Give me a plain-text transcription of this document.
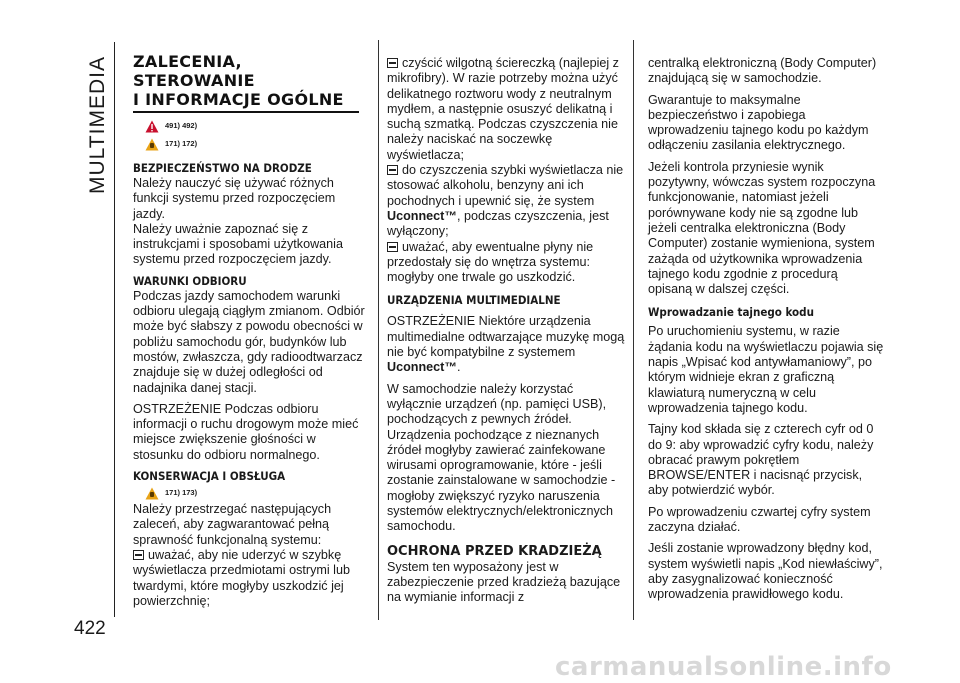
MULTIMEDIA
422
ZALECENIA, STEROWANIE
I INFORMACJE OGÓLNE
491) 492)
171) 172)
BEZPIECZEŃSTWO NA DRODZE

Należy nauczyć się używać różnych funkcji systemu przed rozpoczęciem jazdy.

Należy uważnie zapoznać się z instrukcjami i sposobami użytkowania systemu przed rozpoczęciem jazdy.

WARUNKI ODBIORU

Podczas jazdy samochodem warunki odbioru ulegają ciągłym zmianom. Odbiór może być słabszy z powodu obecności w pobliżu samochodu gór, budynków lub mostów, zwłaszcza, gdy radioodtwarzacz znajduje się w dużej odległości od nadajnika danej stacji.

OSTRZEŻENIE Podczas odbioru informacji o ruchu drogowym może mieć miejsce zwiększenie głośności w stosunku do odbioru normalnego.

KONSERWACJA I OBSŁUGA
171) 173)

Należy przestrzegać następujących zaleceń, aby zagwarantować pełną sprawność funkcjonalną systemu:

uważać, aby nie uderzyć w szybkę wyświetlacza przedmiotami ostrymi lub twardymi, które mogłyby uszkodzić jej powierzchnię;

czyścić wilgotną ściereczką (najlepiej z mikrofibry). W razie potrzeby można użyć delikatnego roztworu wody z neutralnym mydłem, a następnie osuszyć delikatną i suchą szmatką. Podczas czyszczenia nie należy naciskać na soczewkę wyświetlacza;

do czyszczenia szybki wyświetlacza nie stosować alkoholu, benzyny ani ich pochodnych i upewnić się, że system Uconnect™, podczas czyszczenia, jest wyłączony;

uważać, aby ewentualne płyny nie przedostały się do wnętrza systemu: mogłyby one trwale go uszkodzić.

URZĄDZENIA MULTIMEDIALNE

OSTRZEŻENIE Niektóre urządzenia multimedialne odtwarzające muzykę mogą nie być kompatybilne z systemem Uconnect™.

W samochodzie należy korzystać wyłącznie urządzeń (np. pamięci USB), pochodzących z pewnych źródeł. Urządzenia pochodzące z nieznanych źródeł mogłyby zawierać zainfekowane wirusami oprogramowanie, które - jeśli zostanie zainstalowane w samochodzie - mogłoby zwiększyć ryzyko naruszenia systemów elektrycznych/elektronicznych samochodu.

OCHRONA PRZED KRADZIEŻĄ

System ten wyposażony jest w zabezpieczenie przed kradzieżą bazujące na wymianie informacji z

centralką elektroniczną (Body Computer) znajdującą się w samochodzie.

Gwarantuje to maksymalne bezpieczeństwo i zapobiega wprowadzeniu tajnego kodu po każdym odłączeniu zasilania elektrycznego.

Jeżeli kontrola przyniesie wynik pozytywny, wówczas system rozpoczyna funkcjonowanie, natomiast jeżeli porównywane kody nie są zgodne lub jeżeli centralka elektroniczna (Body Computer) zostanie wymieniona, system zażąda od użytkownika wprowadzenia tajnego kodu zgodnie z procedurą opisaną w dalszej części.

Wprowadzanie tajnego kodu

Po uruchomieniu systemu, w razie żądania kodu na wyświetlaczu pojawia się napis „Wpisać kod antywłamaniowy”, po którym widnieje ekran z graficzną klawiaturą numeryczną w celu wprowadzenia tajnego kodu.

Tajny kod składa się z czterech cyfr od 0 do 9: aby wprowadzić cyfry kodu, należy obracać prawym pokrętłem BROWSE/ENTER i nacisnąć przycisk, aby potwierdzić wybór.

Po wprowadzeniu czwartej cyfry system zaczyna działać.

Jeśli zostanie wprowadzony błędny kod, system wyświetli napis „Kod niewłaściwy”, aby zasygnalizować konieczność wprowadzenia prawidłowego kodu.

carmanualsonline.info
